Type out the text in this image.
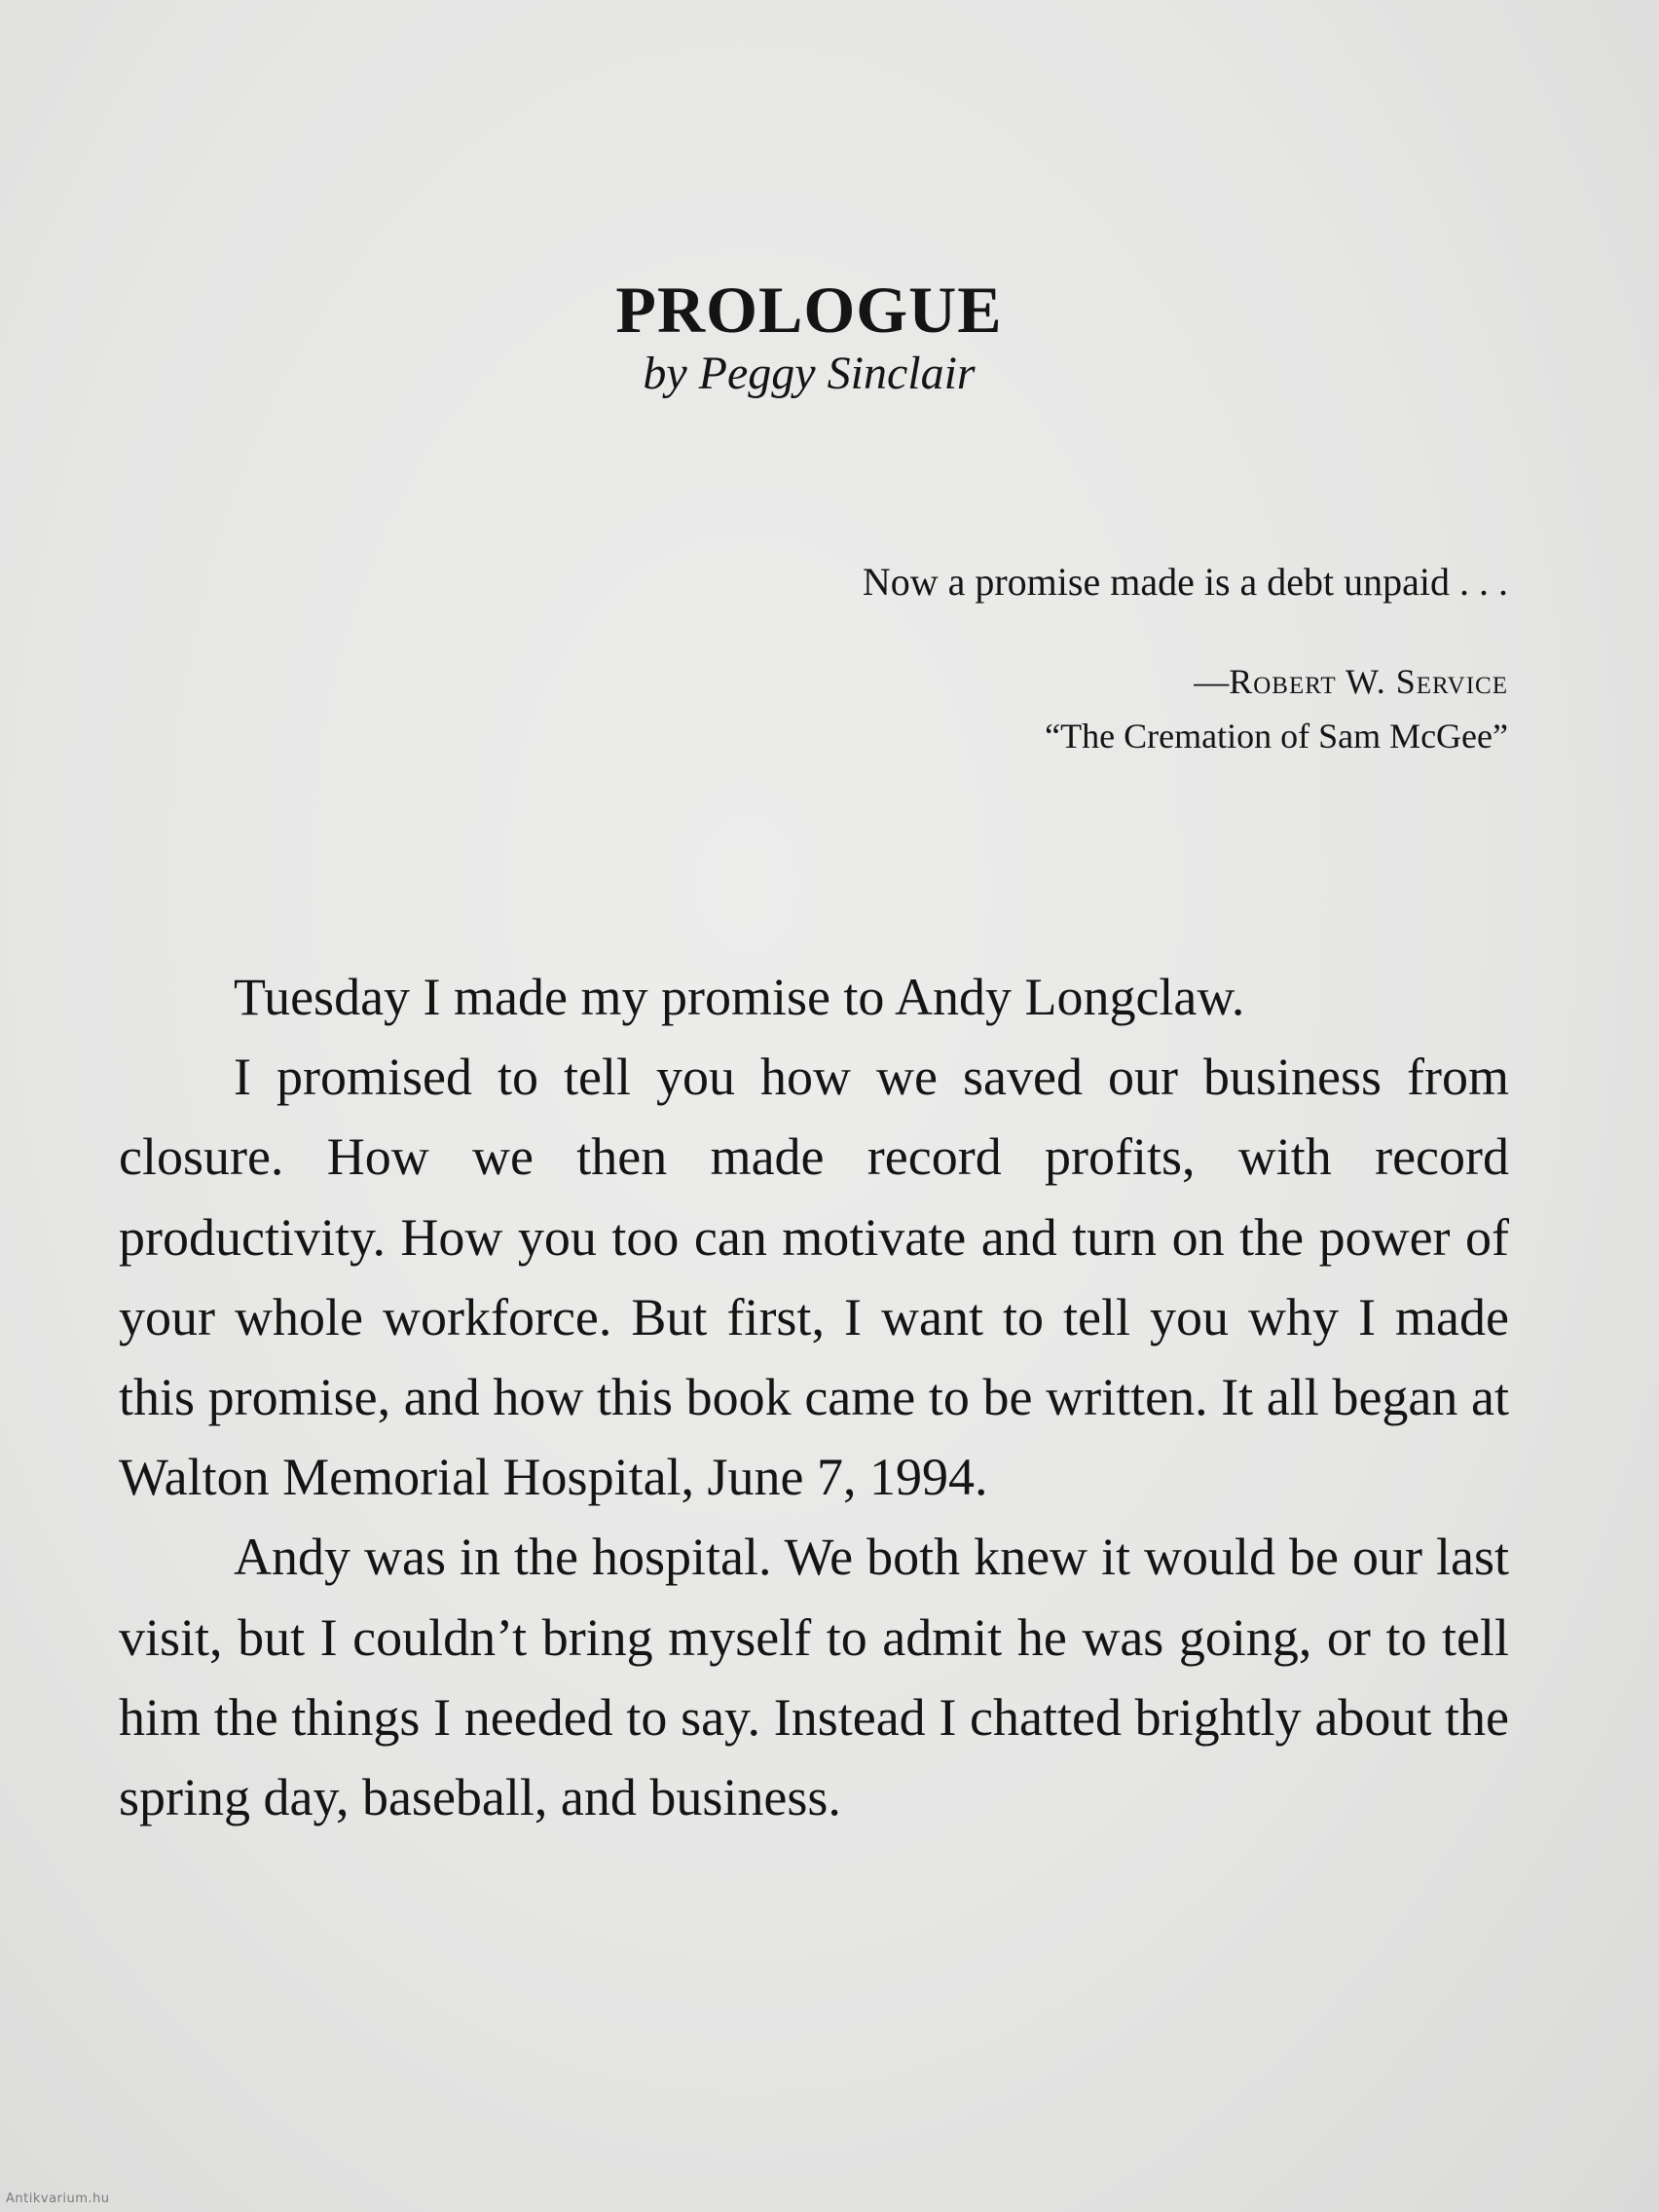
PROLOGUE
by Peggy Sinclair
Now a promise made is a debt unpaid . . .
—Robert W. Service
“The Cremation of Sam McGee”

Tuesday I made my promise to Andy Longclaw.

I promised to tell you how we saved our business from closure. How we then made record profits, with record productivity. How you too can motivate and turn on the power of your whole workforce. But first, I want to tell you why I made this promise, and how this book came to be written. It all began at Walton Memorial Hospital, June 7, 1994.

Andy was in the hospital. We both knew it would be our last visit, but I couldn’t bring myself to admit he was going, or to tell him the things I needed to say. Instead I chatted brightly about the spring day, baseball, and business.

Antikvarium.hu
